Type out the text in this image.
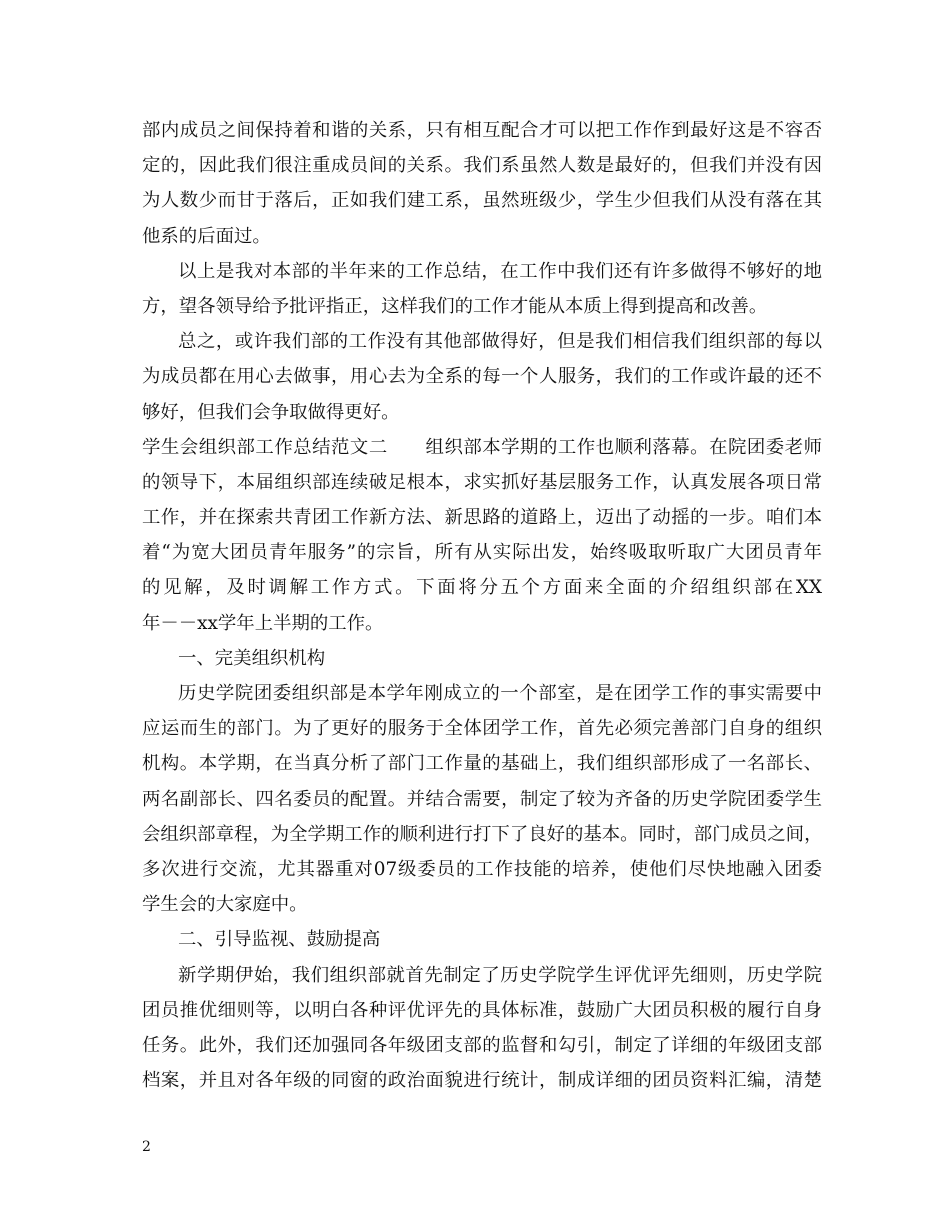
部内成员之间保持着和谐的关系，只有相互配合才可以把工作作到最好这是不容否
定的，因此我们很注重成员间的关系。我们系虽然人数是最好的，但我们并没有因
为人数少而甘于落后，正如我们建工系，虽然班级少，学生少但我们从没有落在其
他系的后面过。
以上是我对本部的半年来的工作总结，在工作中我们还有许多做得不够好的地
方，望各领导给予批评指正，这样我们的工作才能从本质上得到提高和改善。
总之，或许我们部的工作没有其他部做得好，但是我们相信我们组织部的每以
为成员都在用心去做事，用心去为全系的每一个人服务，我们的工作或许最的还不
够好，但我们会争取做得更好。
学生会组织部工作总结范文二　　组织部本学期的工作也顺利落幕。在院团委老师
的领导下，本届组织部连续破足根本，求实抓好基层服务工作，认真发展各项日常
工作，并在探索共青团工作新方法、新思路的道路上，迈出了动摇的一步。咱们本
着“为宽大团员青年服务”的宗旨，所有从实际出发，始终吸取听取广大团员青年
的见解，及时调解工作方式。下面将分五个方面来全面的介绍组织部在XX
年－－xx学年上半期的工作。
一、完美组织机构
历史学院团委组织部是本学年刚成立的一个部室，是在团学工作的事实需要中
应运而生的部门。为了更好的服务于全体团学工作，首先必须完善部门自身的组织
机构。本学期，在当真分析了部门工作量的基础上，我们组织部形成了一名部长、
两名副部长、四名委员的配置。并结合需要，制定了较为齐备的历史学院团委学生
会组织部章程，为全学期工作的顺利进行打下了良好的基本。同时，部门成员之间，
多次进行交流，尤其器重对07级委员的工作技能的培养，使他们尽快地融入团委
学生会的大家庭中。
二、引导监视、鼓励提高
新学期伊始，我们组织部就首先制定了历史学院学生评优评先细则，历史学院
团员推优细则等，以明白各种评优评先的具体标准，鼓励广大团员积极的履行自身
任务。此外，我们还加强同各年级团支部的监督和勾引，制定了详细的年级团支部
档案，并且对各年级的同窗的政治面貌进行统计，制成详细的团员资料汇编，清楚
2
